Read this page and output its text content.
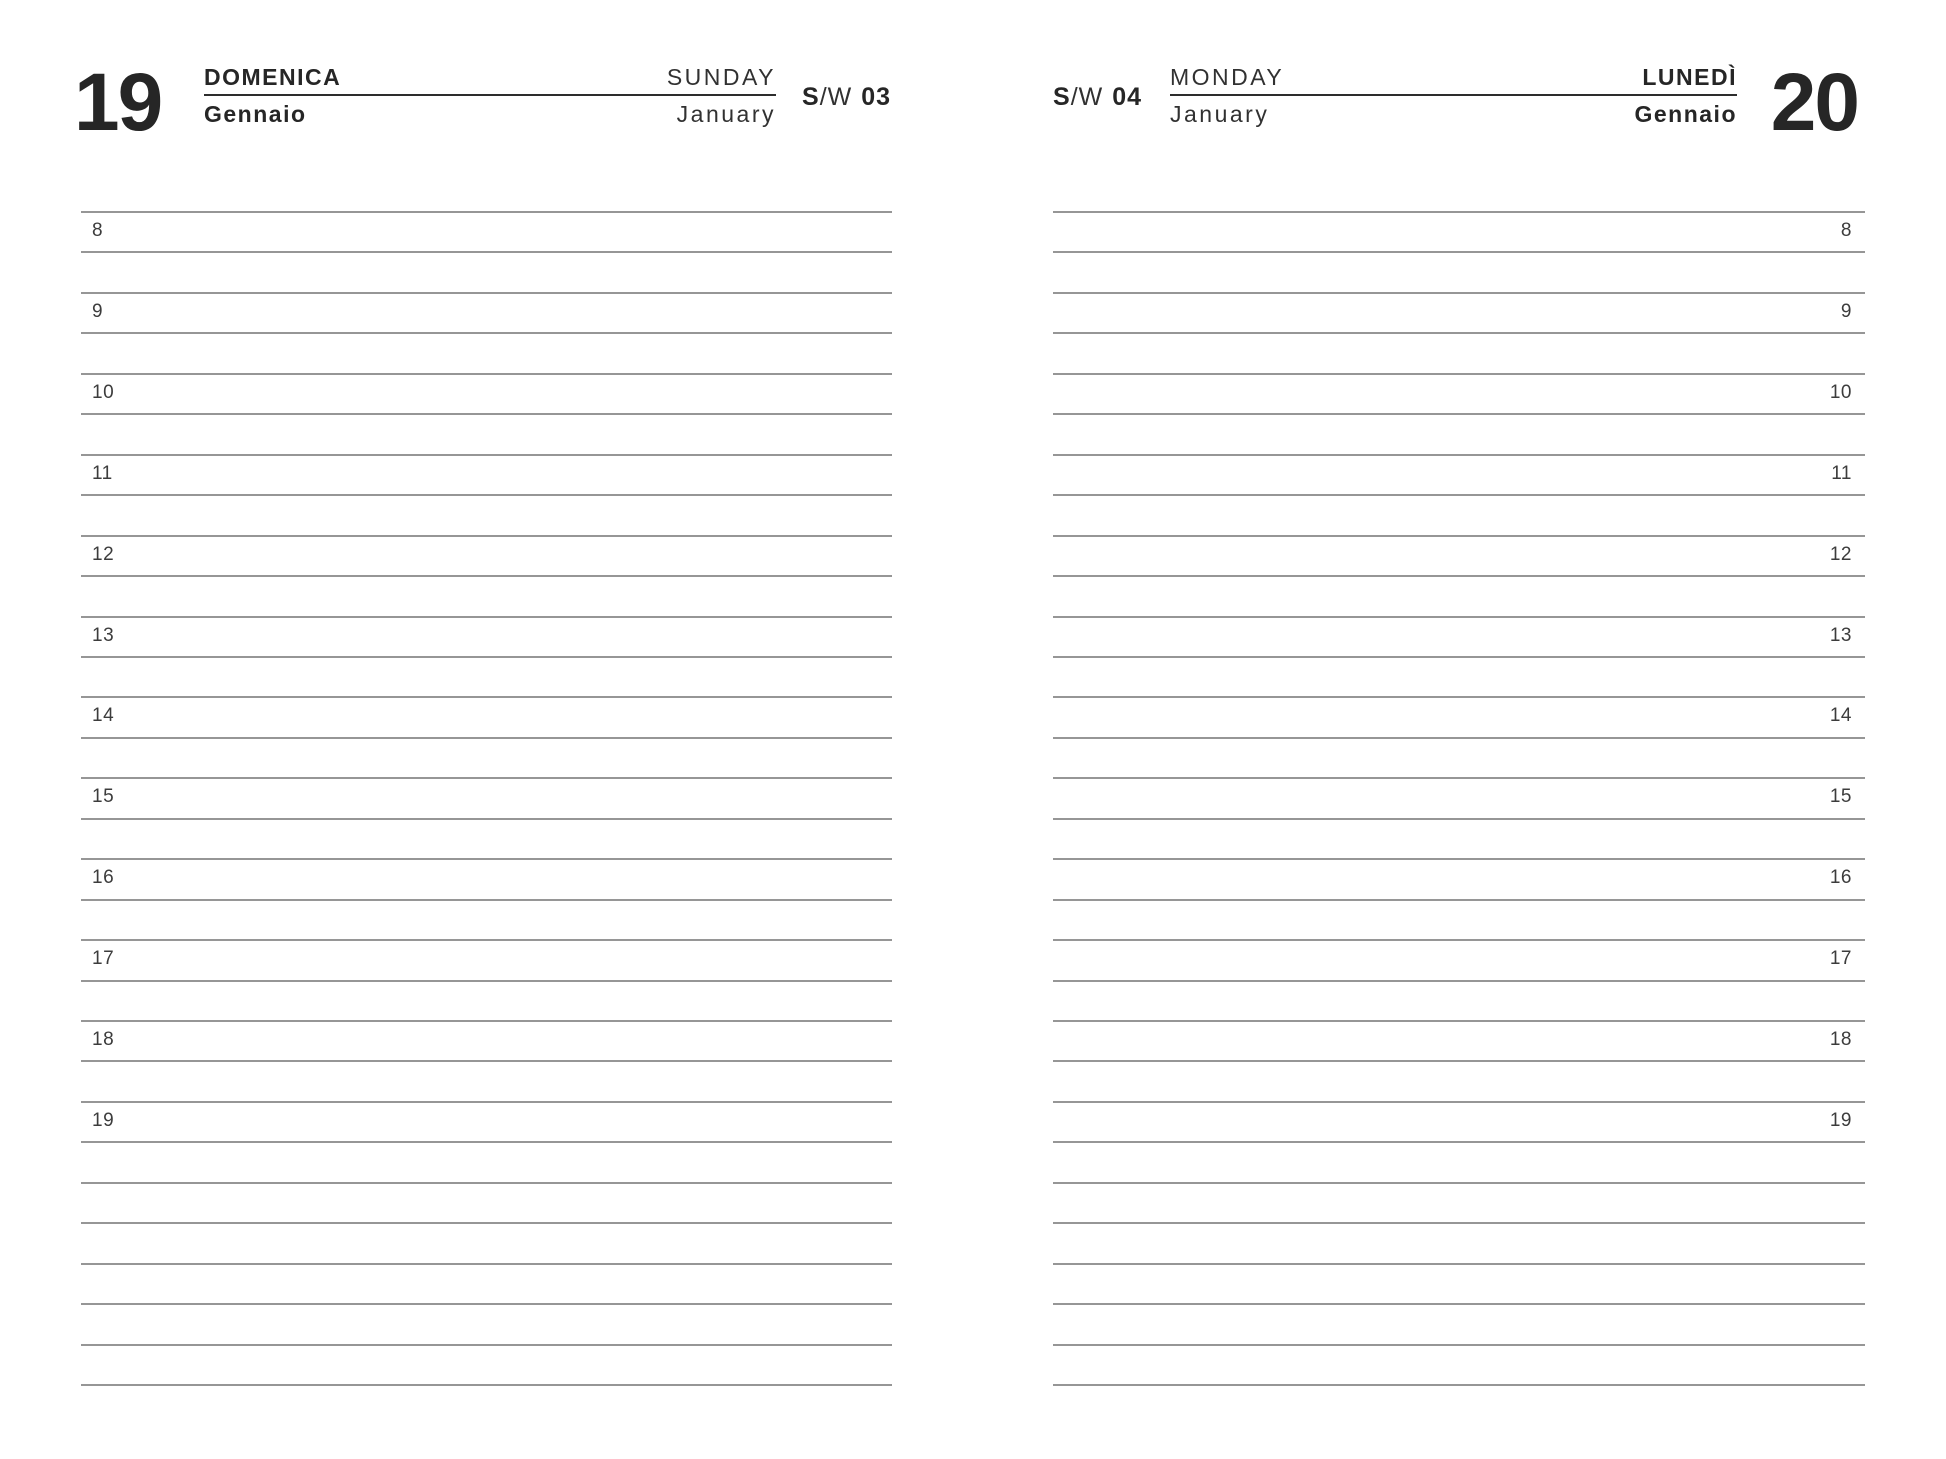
19 DOMENICA	SUNDAY
Gennaio	January
S/W 03	S/W 04
MONDAY	LUNEDÌ
January	Gennaio 20
8
9
10
11
12
13
14
15
16
17
18
19
8
9
10
11
12
13
14
15
16
17
18
19
